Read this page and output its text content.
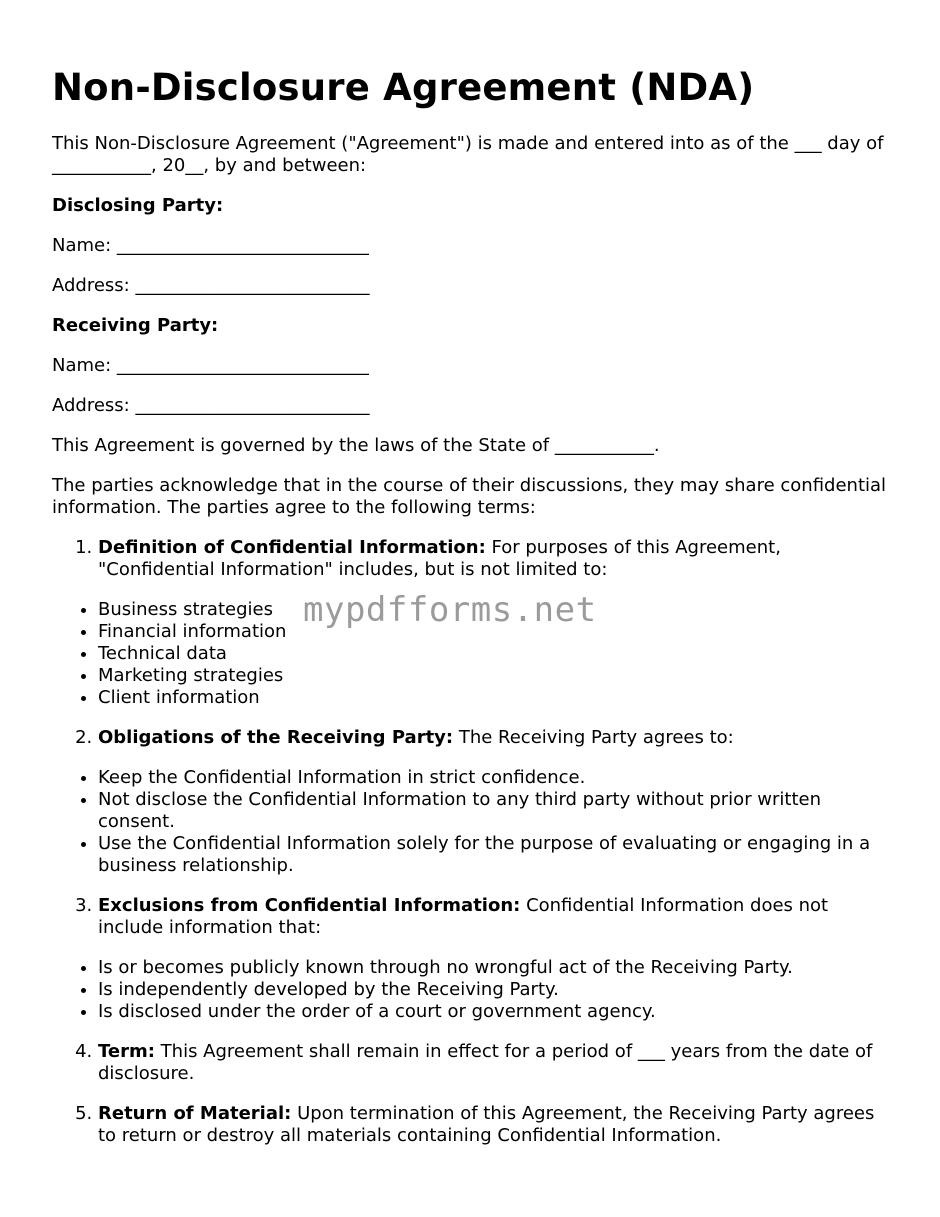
Non-Disclosure Agreement (NDA)

This Non-Disclosure Agreement ("Agreement") is made and entered into as of the ___ day of ___________, 20__, by and between:

Disclosing Party:

Name: ____________________________

Address: __________________________

Receiving Party:

Name: ____________________________

Address: __________________________

This Agreement is governed by the laws of the State of ___________.

The parties acknowledge that in the course of their discussions, they may share confidential information. The parties agree to the following terms:

1. Definition of Confidential Information: For purposes of this Agreement, "Confidential Information" includes, but is not limited to:
• Business strategies
• Financial information
• Technical data
• Marketing strategies
• Client information
2. Obligations of the Receiving Party: The Receiving Party agrees to:
• Keep the Confidential Information in strict confidence.
• Not disclose the Confidential Information to any third party without prior written consent.
• Use the Confidential Information solely for the purpose of evaluating or engaging in a business relationship.
3. Exclusions from Confidential Information: Confidential Information does not include information that:
• Is or becomes publicly known through no wrongful act of the Receiving Party.
• Is independently developed by the Receiving Party.
• Is disclosed under the order of a court or government agency.
4. Term: This Agreement shall remain in effect for a period of ___ years from the date of disclosure.
5. Return of Material: Upon termination of this Agreement, the Receiving Party agrees to return or destroy all materials containing Confidential Information.
mypdfforms.net
